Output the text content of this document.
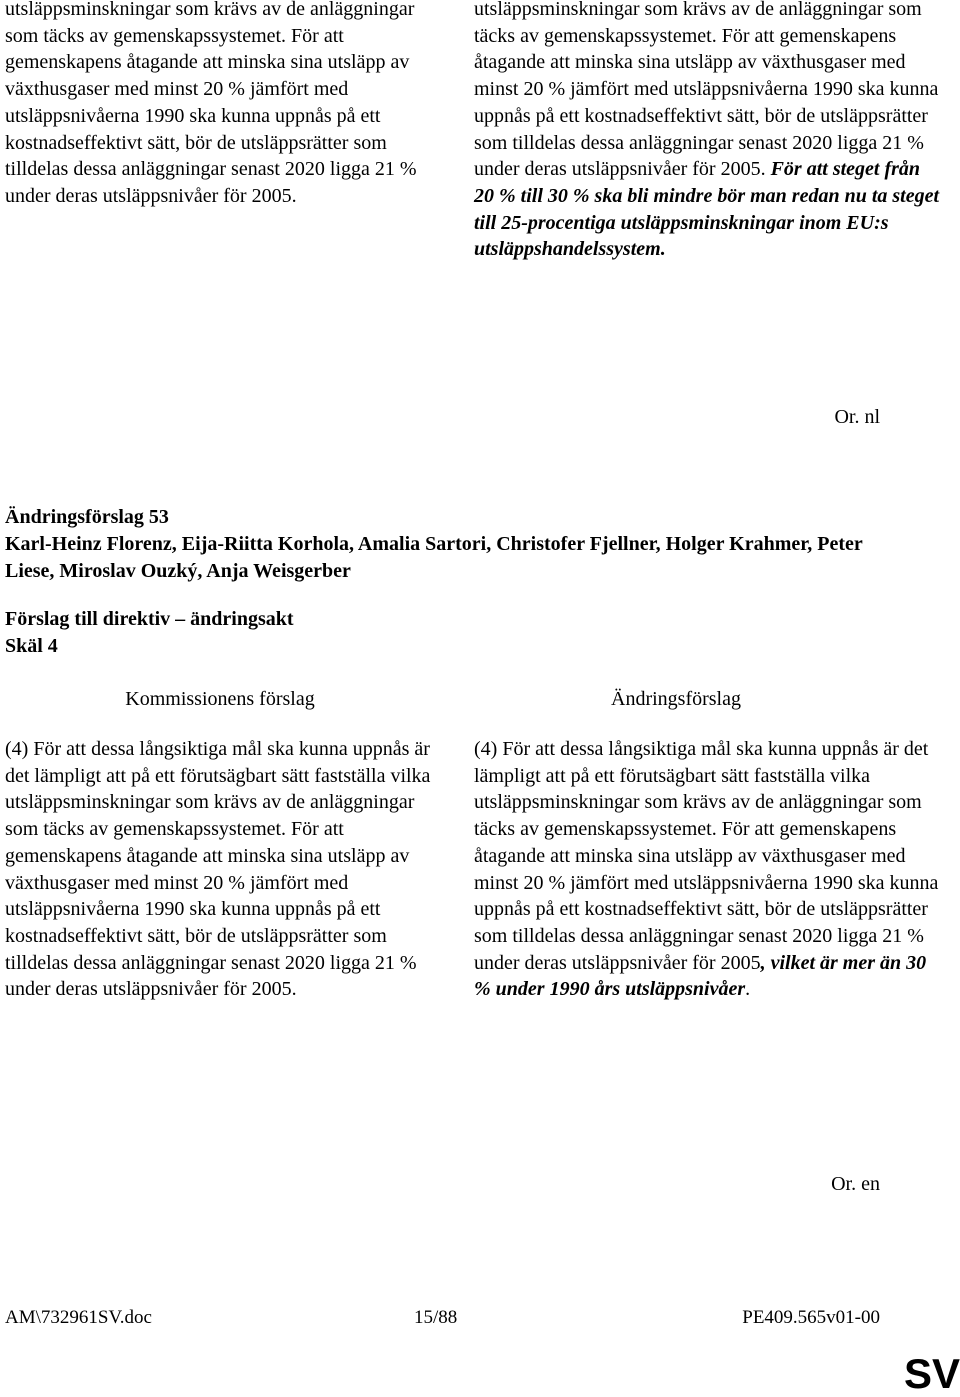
utsläppsminskningar som krävs av de anläggningar som täcks av gemenskapssystemet. För att gemenskapens åtagande att minska sina utsläpp av växthusgaser med minst 20 % jämfört med utsläppsnivåerna 1990 ska kunna uppnås på ett kostnadseffektivt sätt, bör de utsläppsrätter som tilldelas dessa anläggningar senast 2020 ligga 21 % under deras utsläppsnivåer för 2005.

utsläppsminskningar som krävs av de anläggningar som täcks av gemenskapssystemet. För att gemenskapens åtagande att minska sina utsläpp av växthusgaser med minst 20 % jämfört med utsläppsnivåerna 1990 ska kunna uppnås på ett kostnadseffektivt sätt, bör de utsläppsrätter som tilldelas dessa anläggningar senast 2020 ligga 21 % under deras utsläppsnivåer för 2005. För att steget från 20 % till 30 % ska bli mindre bör man redan nu ta steget till 25-procentiga utsläppsminskningar inom EU:s utsläppshandelssystem.

Or. nl
Ändringsförslag 53
Karl-Heinz Florenz, Eija-Riitta Korhola, Amalia Sartori, Christofer Fjellner, Holger Krahmer, Peter Liese, Miroslav Ouzký, Anja Weisgerber
Förslag till direktiv – ändringsakt
Skäl 4
Kommissionens förslag	Ändringsförslag

(4) För att dessa långsiktiga mål ska kunna uppnås är det lämpligt att på ett förutsägbart sätt fastställa vilka utsläppsminskningar som krävs av de anläggningar som täcks av gemenskapssystemet. För att gemenskapens åtagande att minska sina utsläpp av växthusgaser med minst 20 % jämfört med utsläppsnivåerna 1990 ska kunna uppnås på ett kostnadseffektivt sätt, bör de utsläppsrätter som tilldelas dessa anläggningar senast 2020 ligga 21 % under deras utsläppsnivåer för 2005.

(4) För att dessa långsiktiga mål ska kunna uppnås är det lämpligt att på ett förutsägbart sätt fastställa vilka utsläppsminskningar som krävs av de anläggningar som täcks av gemenskapssystemet. För att gemenskapens åtagande att minska sina utsläpp av växthusgaser med minst 20 % jämfört med utsläppsnivåerna 1990 ska kunna uppnås på ett kostnadseffektivt sätt, bör de utsläppsrätter som tilldelas dessa anläggningar senast 2020 ligga 21 % under deras utsläppsnivåer för 2005, vilket är mer än 30 % under 1990 års utsläppsnivåer.

Or. en
AM\732961SV.doc	15/88	PE409.565v01-00
SV
